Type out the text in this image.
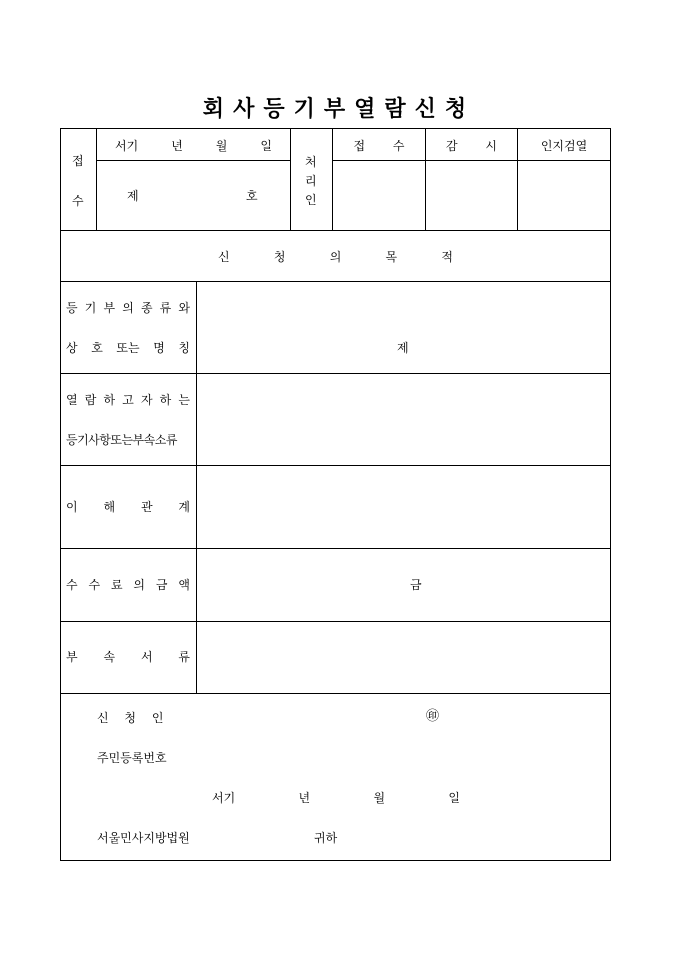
회 사 등 기 부 열 람 신 청
접
수
서기	년	월	일
제	호
처
리
인
접 수	감 시	인지검열
신	청	의	목	적
등 기 부 의 종 류 와
상 호 또는 명 칭	제
열 람 하 고 자 하 는
등기사항또는부속소류
이 해 관 계
수 수 료 의 금 액	금
부 속 서 류
신 청 인	㊞
주민등록번호
서기	년	월	일
서울민사지방법원	귀하
